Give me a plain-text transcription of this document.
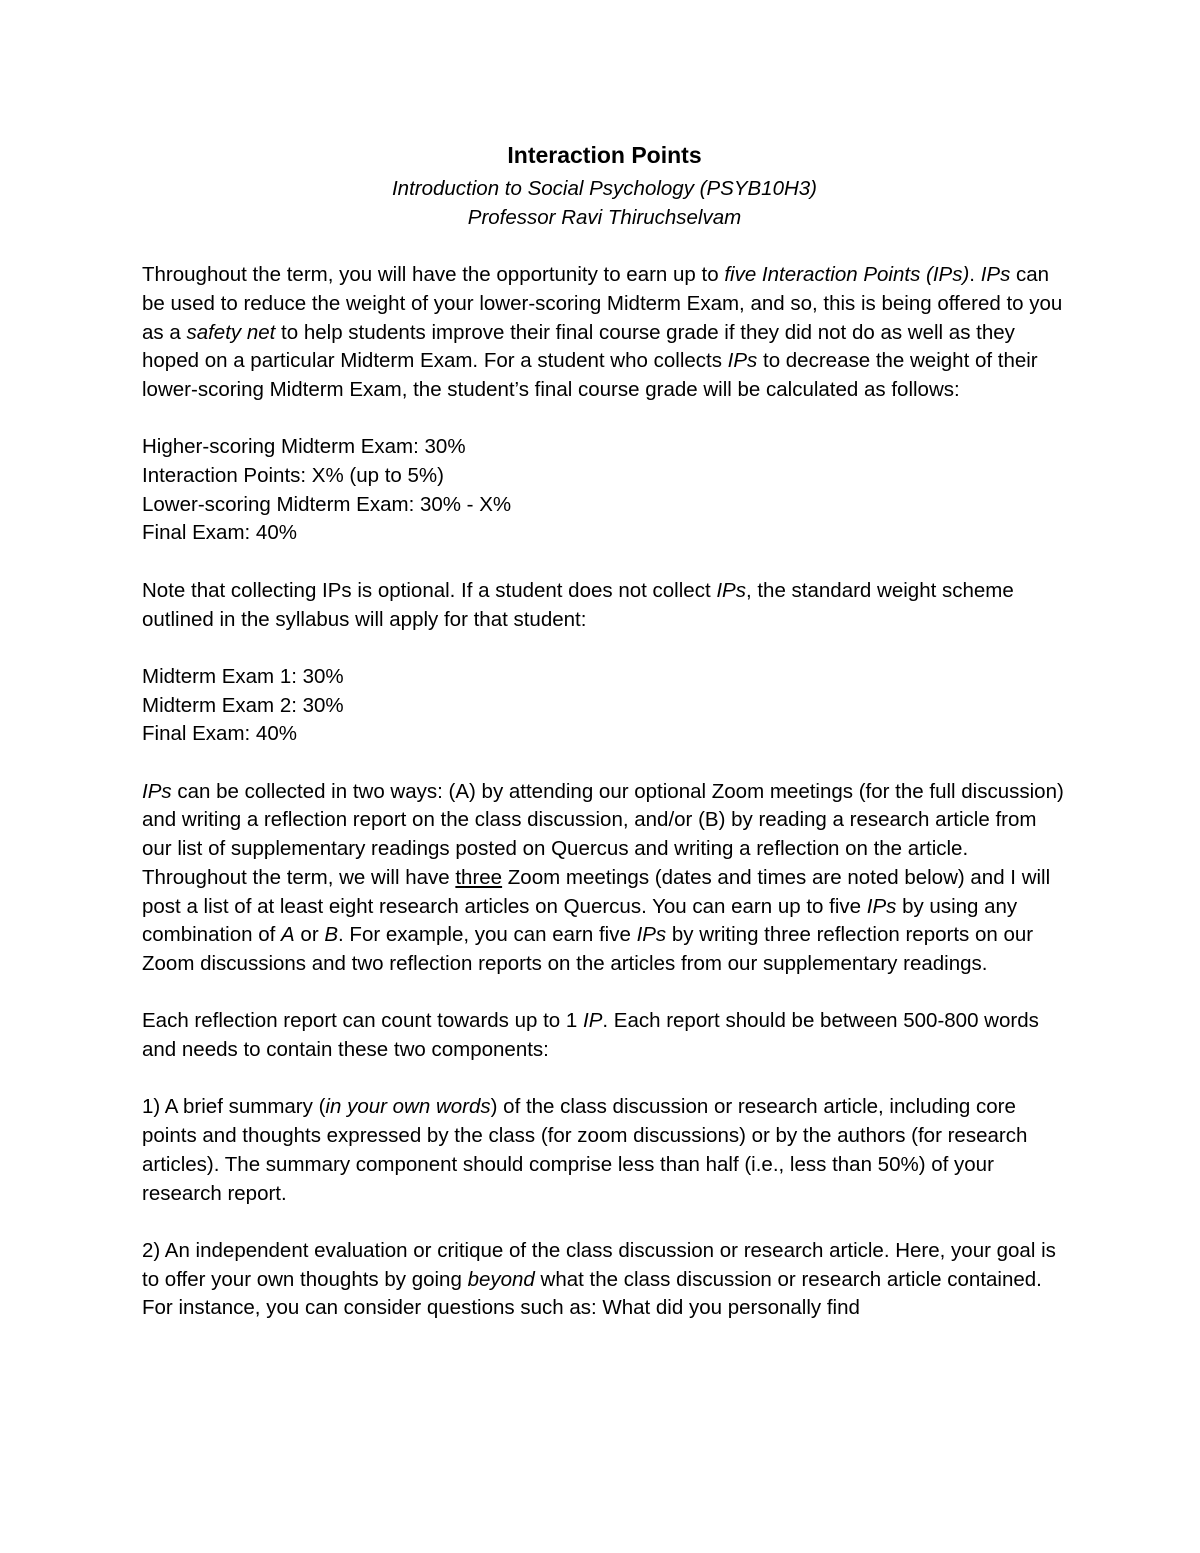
Interaction Points

Introduction to Social Psychology (PSYB10H3)

Professor Ravi Thiruchselvam

Throughout the term, you will have the opportunity to earn up to five Interaction Points (IPs). IPs can be used to reduce the weight of your lower-scoring Midterm Exam, and so, this is being offered to you as a safety net to help students improve their final course grade if they did not do as well as they hoped on a particular Midterm Exam. For a student who collects IPs to decrease the weight of their lower-scoring Midterm Exam, the student’s final course grade will be calculated as follows:

Higher-scoring Midterm Exam: 30%

Interaction Points: X% (up to 5%)

Lower-scoring Midterm Exam: 30% - X%

Final Exam: 40%

Note that collecting IPs is optional. If a student does not collect IPs, the standard weight scheme outlined in the syllabus will apply for that student:

Midterm Exam 1: 30%

Midterm Exam 2: 30%

Final Exam: 40%

IPs can be collected in two ways: (A) by attending our optional Zoom meetings (for the full discussion) and writing a reflection report on the class discussion, and/or (B) by reading a research article from our list of supplementary readings posted on Quercus and writing a reflection on the article. Throughout the term, we will have three Zoom meetings (dates and times are noted below) and I will post a list of at least eight research articles on Quercus. You can earn up to five IPs by using any combination of A or B. For example, you can earn five IPs by writing three reflection reports on our Zoom discussions and two reflection reports on the articles from our supplementary readings.

Each reflection report can count towards up to 1 IP. Each report should be between 500-800 words and needs to contain these two components:

1) A brief summary (in your own words) of the class discussion or research article, including core points and thoughts expressed by the class (for zoom discussions) or by the authors (for research articles). The summary component should comprise less than half (i.e., less than 50%) of your research report.

2) An independent evaluation or critique of the class discussion or research article. Here, your goal is to offer your own thoughts by going beyond what the class discussion or research article contained. For instance, you can consider questions such as: What did you personally find
